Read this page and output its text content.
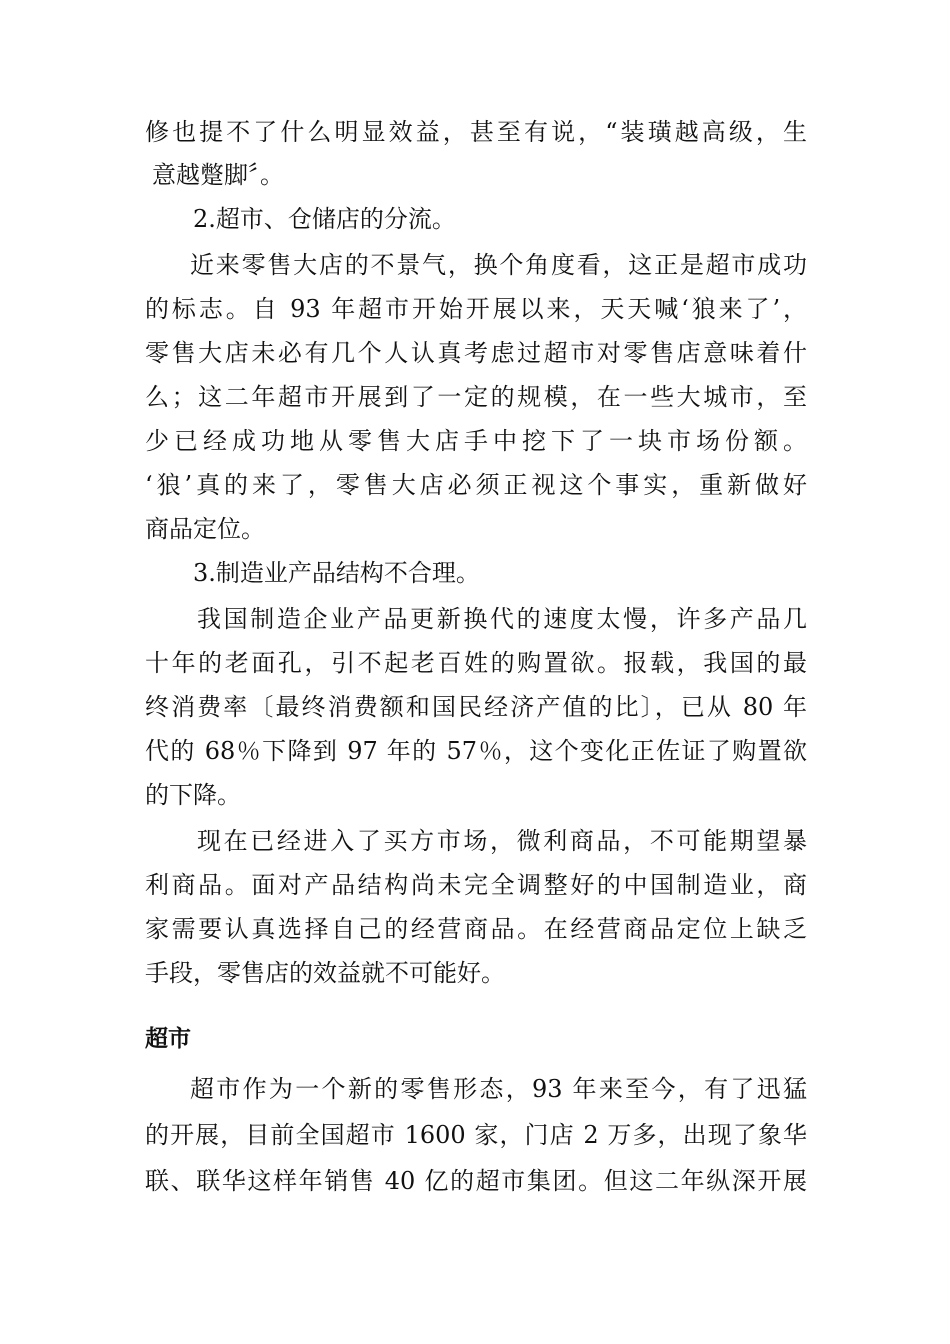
修也提不了什么明显效益，甚至有说，“装璜越高级，生
意越蹩脚〞。
2.超市、仓储店的分流。
近来零售大店的不景气，换个角度看，这正是超市成功
的标志。自 93 年超市开始开展以来，天天喊‘狼来了’，
零售大店未必有几个人认真考虑过超市对零售店意味着什
么；这二年超市开展到了一定的规模，在一些大城市，至
少已经成功地从零售大店手中挖下了一块市场份额。
‘狼’真的来了，零售大店必须正视这个事实，重新做好
商品定位。
3.制造业产品结构不合理。
我国制造企业产品更新换代的速度太慢，许多产品几
十年的老面孔，引不起老百姓的购置欲。报载，我国的最
终消费率〔最终消费额和国民经济产值的比〕，已从 80 年
代的 68％下降到 97 年的 57％，这个变化正佐证了购置欲
的下降。
现在已经进入了买方市场，微利商品，不可能期望暴
利商品。面对产品结构尚未完全调整好的中国制造业，商
家需要认真选择自己的经营商品。在经营商品定位上缺乏
手段，零售店的效益就不可能好。
超市
超市作为一个新的零售形态，93 年来至今，有了迅猛
的开展，目前全国超市 1600 家，门店 2 万多，出现了象华
联、联华这样年销售 40 亿的超市集团。但这二年纵深开展
